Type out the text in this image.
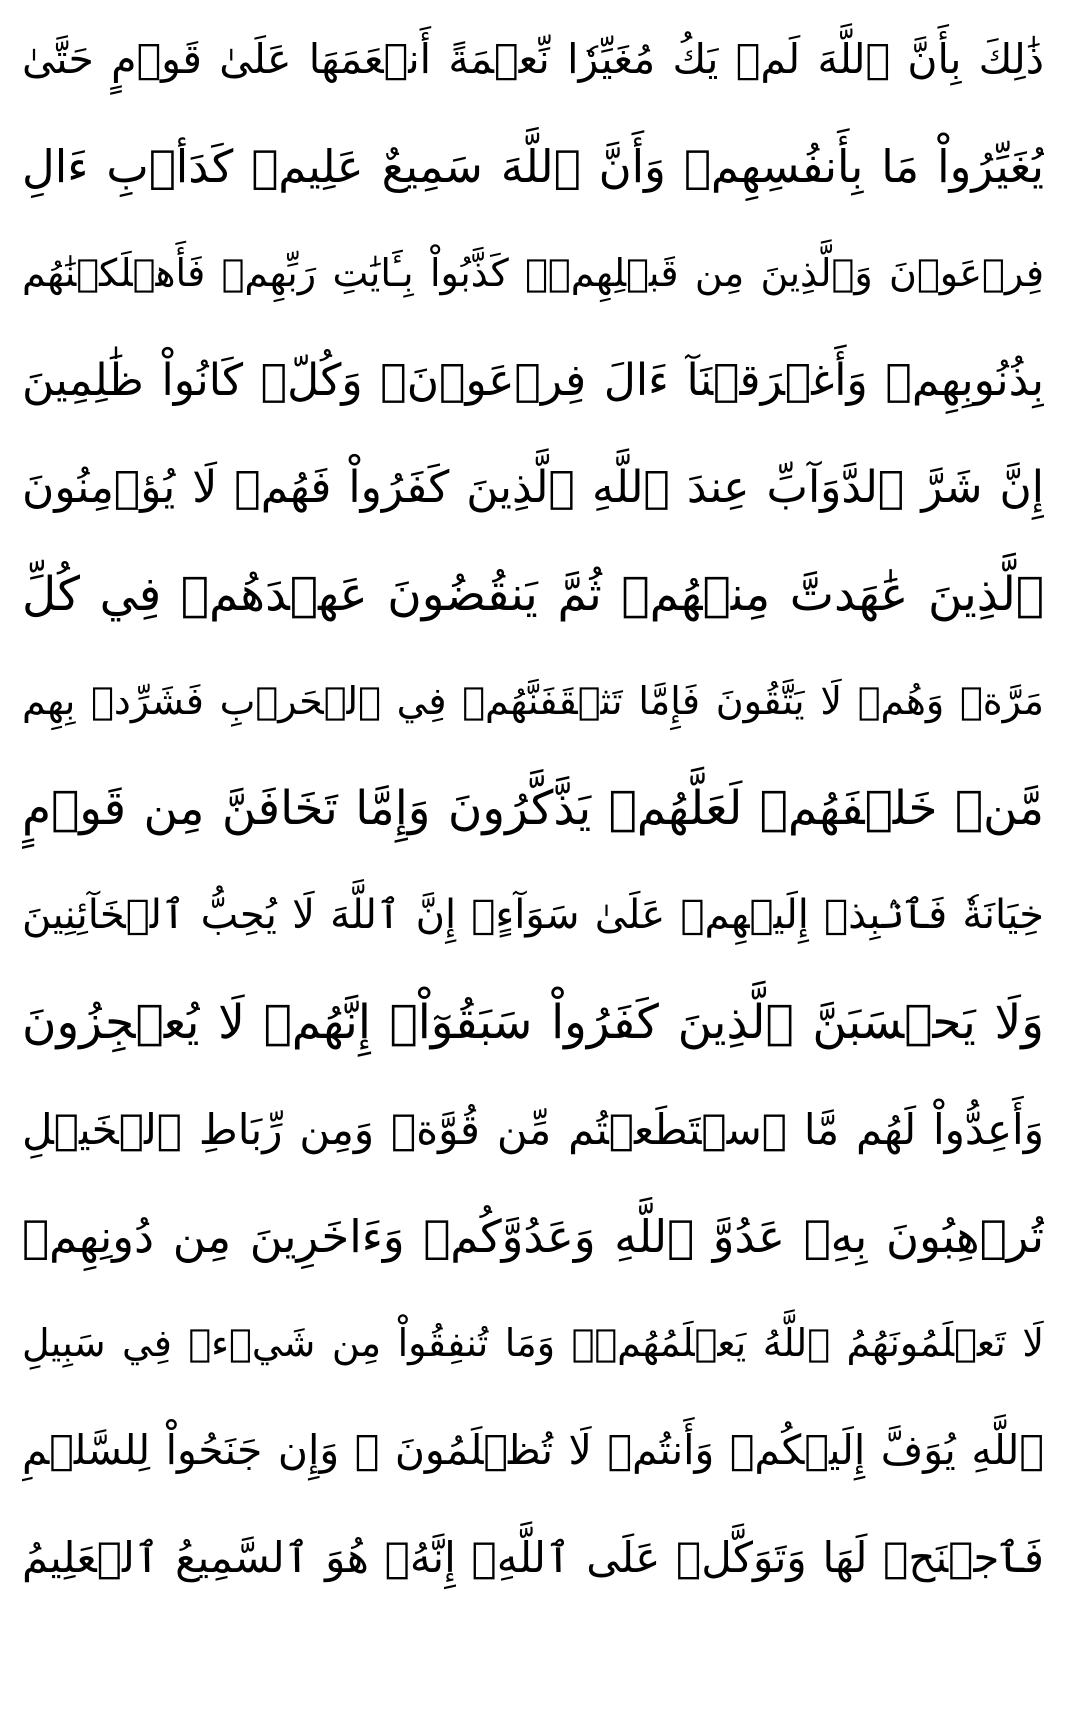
ذَٰلِكَ بِأَنَّ ٱللَّهَ لَمۡ يَكُ مُغَيِّرٗا نِّعۡمَةً أَنۡعَمَهَا عَلَىٰ قَوۡمٍ حَتَّىٰ
يُغَيِّرُواْ مَا بِأَنفُسِهِمۡ وَأَنَّ ٱللَّهَ سَمِيعٌ عَلِيمٞ كَدَأۡبِ ءَالِ
فِرۡعَوۡنَ وَٱلَّذِينَ مِن قَبۡلِهِمۡۚ كَذَّبُواْ بِـَٔايَٰتِ رَبِّهِمۡ فَأَهۡلَكۡنَٰهُم
بِذُنُوبِهِمۡ وَأَغۡرَقۡنَآ ءَالَ فِرۡعَوۡنَۚ وَكُلّٞ كَانُواْ ظَٰلِمِينَ
إِنَّ شَرَّ ٱلدَّوَآبِّ عِندَ ٱللَّهِ ٱلَّذِينَ كَفَرُواْ فَهُمۡ لَا يُؤۡمِنُونَ
ٱلَّذِينَ عَٰهَدتَّ مِنۡهُمۡ ثُمَّ يَنقُضُونَ عَهۡدَهُمۡ فِي كُلِّ
مَرَّةٖ وَهُمۡ لَا يَتَّقُونَ فَإِمَّا تَثۡقَفَنَّهُمۡ فِي ٱلۡحَرۡبِ فَشَرِّدۡ بِهِم
مَّنۡ خَلۡفَهُمۡ لَعَلَّهُمۡ يَذَّكَّرُونَ وَإِمَّا تَخَافَنَّ مِن قَوۡمٍ
خِيَانَةٗ فَٱنۢبِذۡ إِلَيۡهِمۡ عَلَىٰ سَوَآءٍۚ إِنَّ ٱللَّهَ لَا يُحِبُّ ٱلۡخَآئِنِينَ
وَلَا يَحۡسَبَنَّ ٱلَّذِينَ كَفَرُواْ سَبَقُوٓاْۚ إِنَّهُمۡ لَا يُعۡجِزُونَ
وَأَعِدُّواْ لَهُم مَّا ٱسۡتَطَعۡتُم مِّن قُوَّةٖ وَمِن رِّبَاطِ ٱلۡخَيۡلِ
تُرۡهِبُونَ بِهِۦ عَدُوَّ ٱللَّهِ وَعَدُوَّكُمۡ وَءَاخَرِينَ مِن دُونِهِمۡ
لَا تَعۡلَمُونَهُمُ ٱللَّهُ يَعۡلَمُهُمۡۚ وَمَا تُنفِقُواْ مِن شَيۡءٖ فِي سَبِيلِ
ٱللَّهِ يُوَفَّ إِلَيۡكُمۡ وَأَنتُمۡ لَا تُظۡلَمُونَ ۞ وَإِن جَنَحُواْ لِلسَّلۡمِ
فَٱجۡنَحۡ لَهَا وَتَوَكَّلۡ عَلَى ٱللَّهِۚ إِنَّهُۥ هُوَ ٱلسَّمِيعُ ٱلۡعَلِيمُ
